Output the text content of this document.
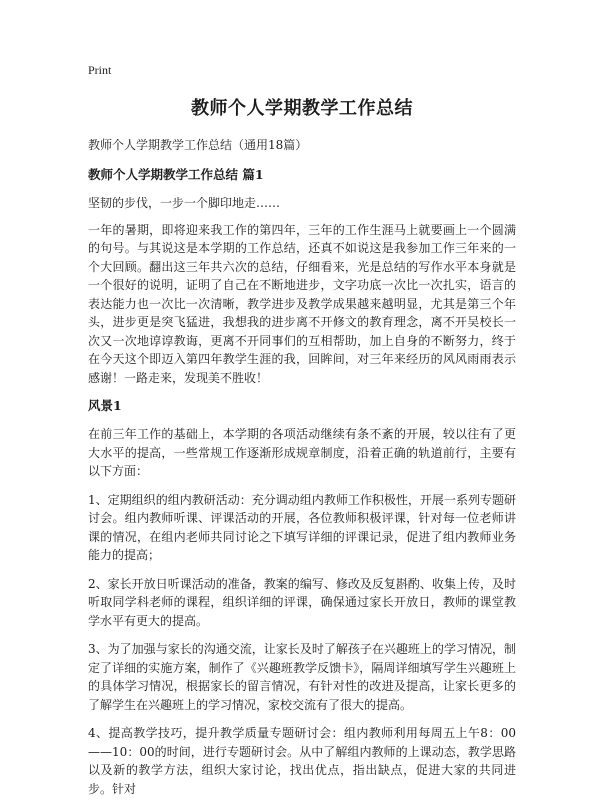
Print
教师个人学期教学工作总结
教师个人学期教学工作总结（通用18篇）
教师个人学期教学工作总结 篇1
坚韧的步伐，一步一个脚印地走……
一年的暑期，即将迎来我工作的第四年，三年的工作生涯马上就要画上一个圆满的句号。与其说这是本学期的工作总结，还真不如说这是我参加工作三年来的一个大回顾。翻出这三年共六次的总结，仔细看来，光是总结的写作水平本身就是一个很好的说明，证明了自己在不断地进步，文字功底一次比一次扎实，语言的表达能力也一次比一次清晰，教学进步及教学成果越来越明显，尤其是第三个年头，进步更是突飞猛进，我想我的进步离不开修文的教育理念，离不开吴校长一次又一次地谆谆教诲，更离不开同事们的互相帮助，加上自身的不断努力，终于在今天这个即迈入第四年教学生涯的我，回眸间，对三年来经历的风风雨雨表示感谢！一路走来，发现美不胜收！
风景1
在前三年工作的基础上，本学期的各项活动继续有条不紊的开展，较以往有了更大水平的提高，一些常规工作逐渐形成规章制度，沿着正确的轨道前行，主要有以下方面：
1、定期组织的组内教研活动：充分调动组内教师工作积极性，开展一系列专题研讨会。组内教师听课、评课活动的开展，各位教师积极评课，针对每一位老师讲课的情况，在组内老师共同讨论之下填写详细的评课记录，促进了组内教师业务能力的提高；
2、家长开放日听课活动的准备，教案的编写、修改及反复斟酌、收集上传，及时听取同学科老师的课程，组织详细的评课，确保通过家长开放日，教师的课堂教学水平有更大的提高。
3、为了加强与家长的沟通交流，让家长及时了解孩子在兴趣班上的学习情况，制定了详细的实施方案，制作了《兴趣班教学反馈卡》，隔周详细填写学生兴趣班上的具体学习情况，根据家长的留言情况，有针对性的改进及提高，让家长更多的了解学生在兴趣班上的学习情况，家校交流有了很大的提高。
4、提高教学技巧，提升教学质量专题研讨会：组内教师利用每周五上午8：00——10：00的时间，进行专题研讨会。从中了解组内教师的上课动态，教学思路以及新的教学方法，组织大家讨论，找出优点，指出缺点，促进大家的共同进步。针对
